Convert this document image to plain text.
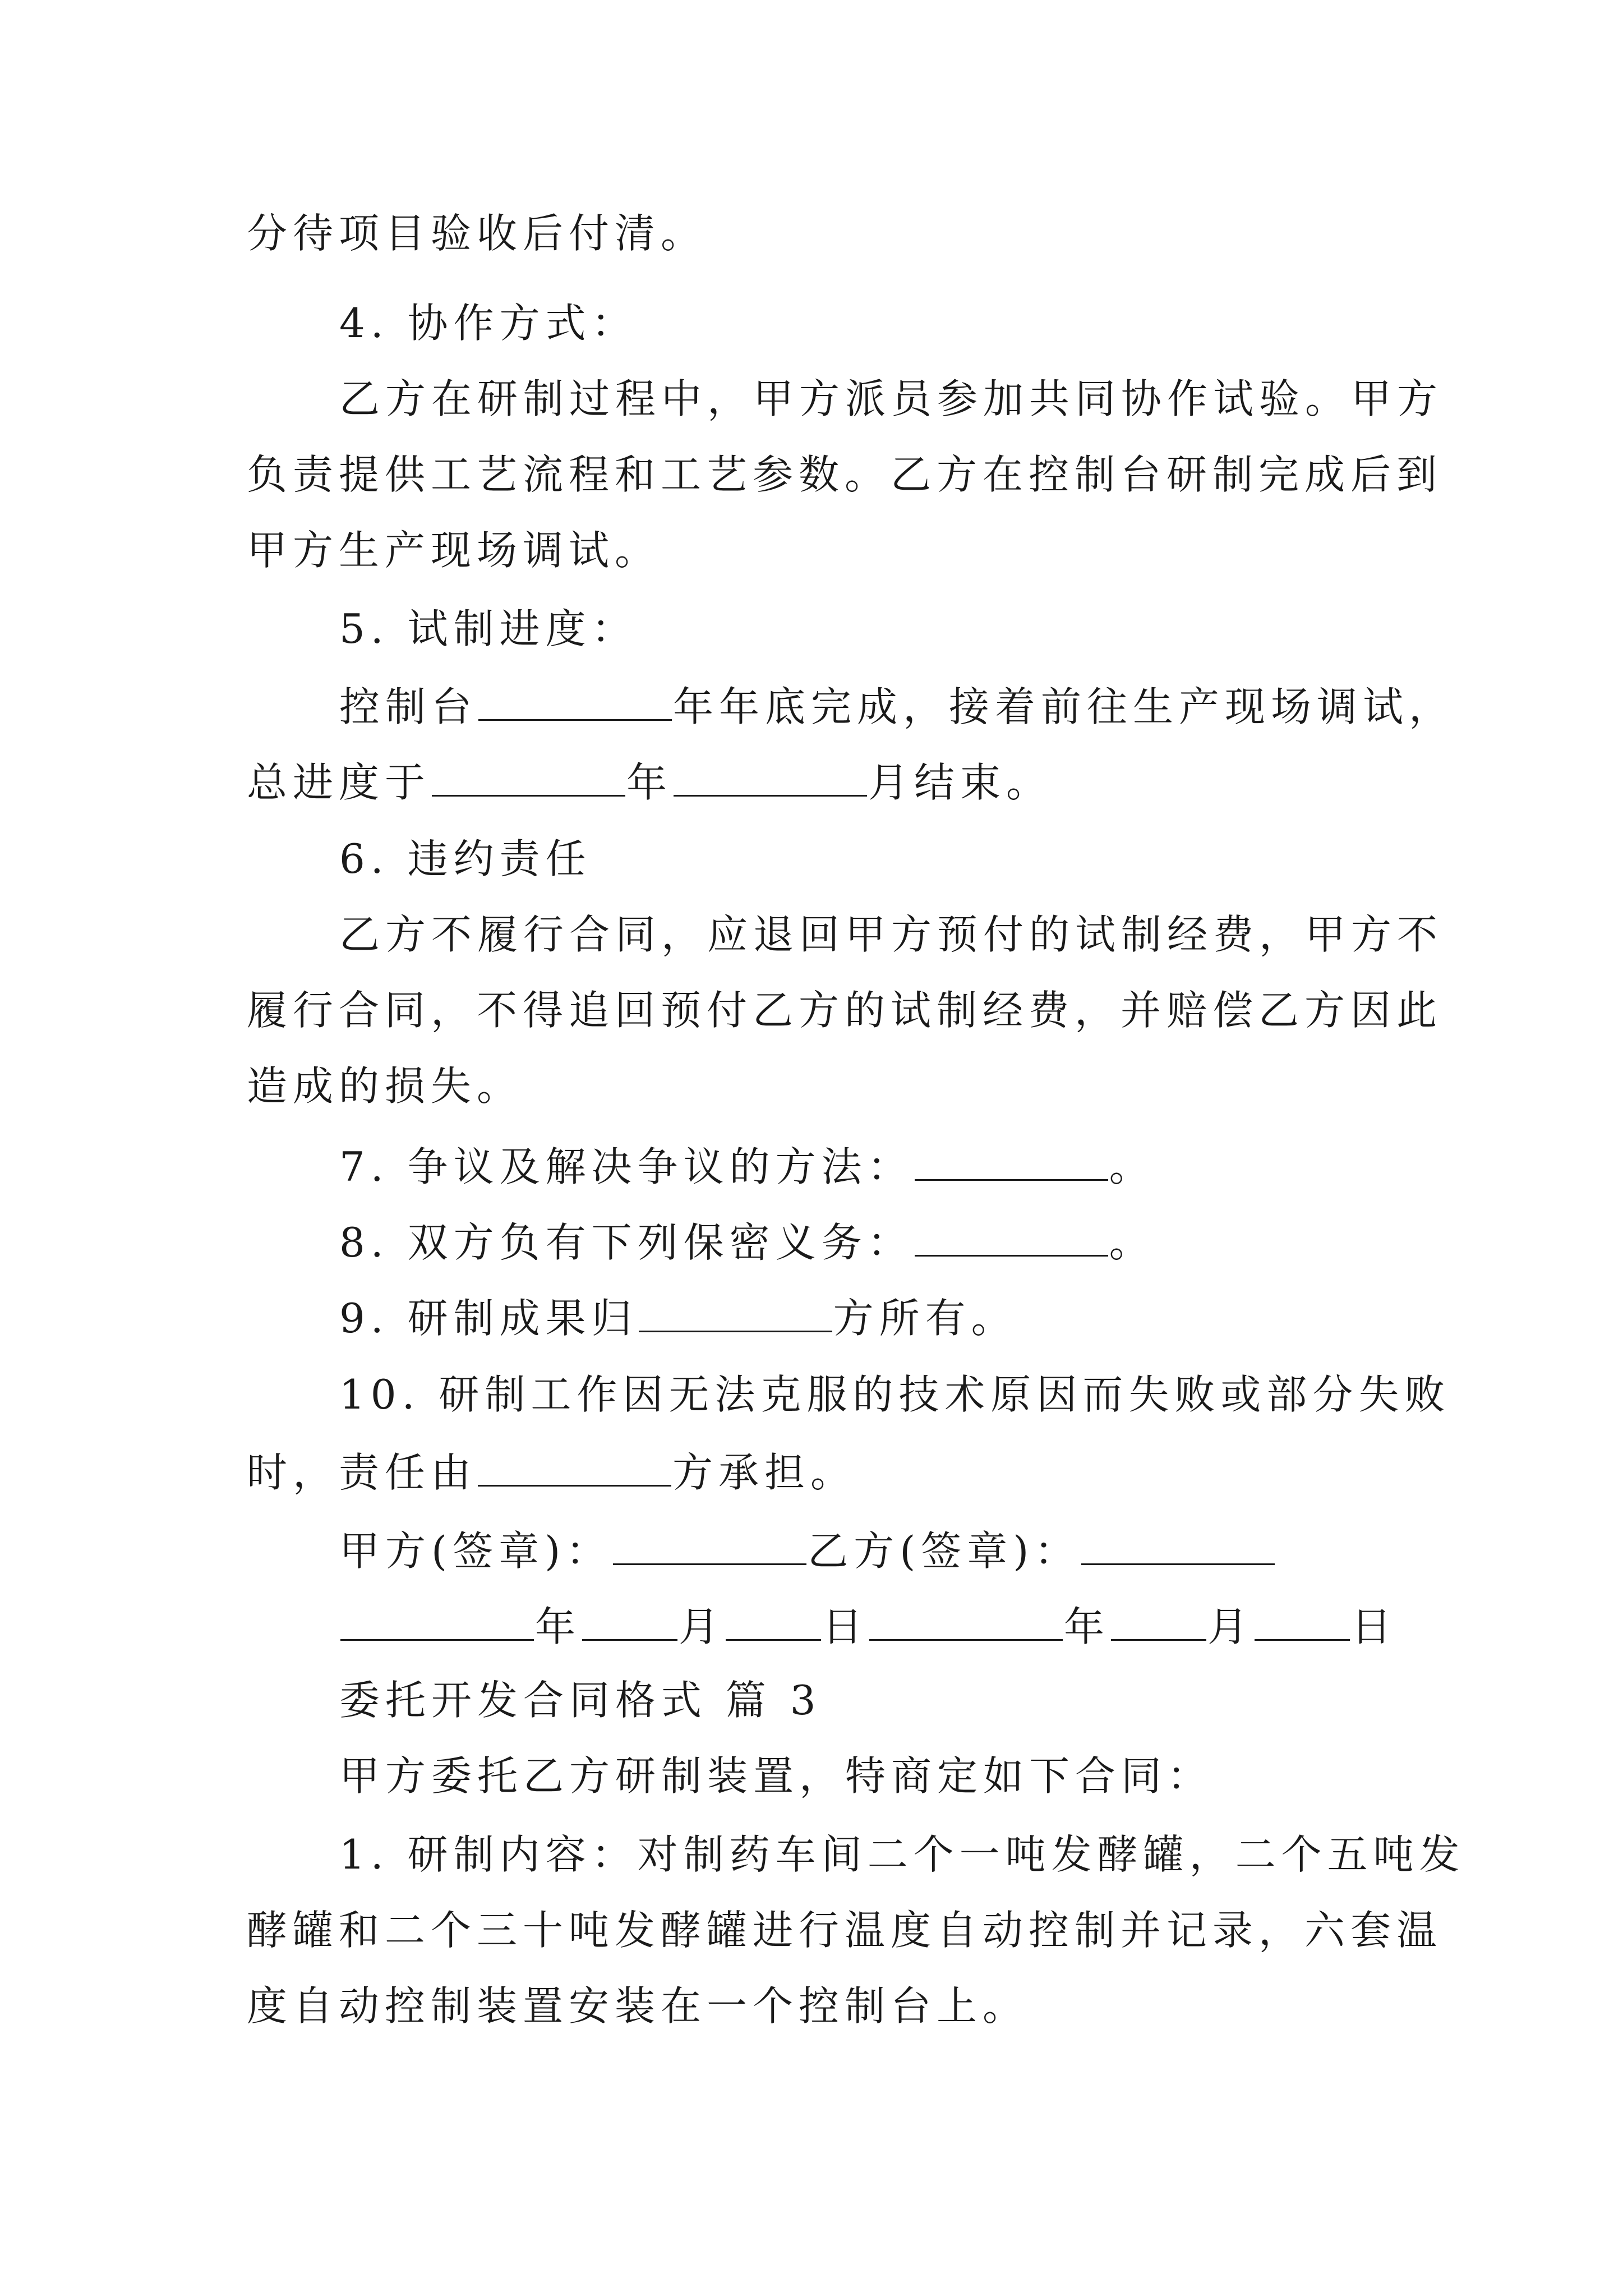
分待项目验收后付清。
4. 协作方式：
乙方在研制过程中，甲方派员参加共同协作试验。甲方
负责提供工艺流程和工艺参数。乙方在控制台研制完成后到
甲方生产现场调试。
5. 试制进度：
控制台	年年底完成，接着前往生产现场调试，
总进度于	年	月结束。
6. 违约责任
乙方不履行合同，应退回甲方预付的试制经费，甲方不
履行合同，不得追回预付乙方的试制经费，并赔偿乙方因此
造成的损失。
7. 争议及解决争议的方法：	。
8. 双方负有下列保密义务：	。
9. 研制成果归	方所有。
10. 研制工作因无法克服的技术原因而失败或部分失败
时，责任由	方承担。
甲方(签章)：	乙方(签章)：
年 月 日	年 月 日
委托开发合同格式 篇 3
甲方委托乙方研制装置，特商定如下合同：
1. 研制内容：对制药车间二个一吨发酵罐，二个五吨发
酵罐和二个三十吨发酵罐进行温度自动控制并记录，六套温
度自动控制装置安装在一个控制台上。
